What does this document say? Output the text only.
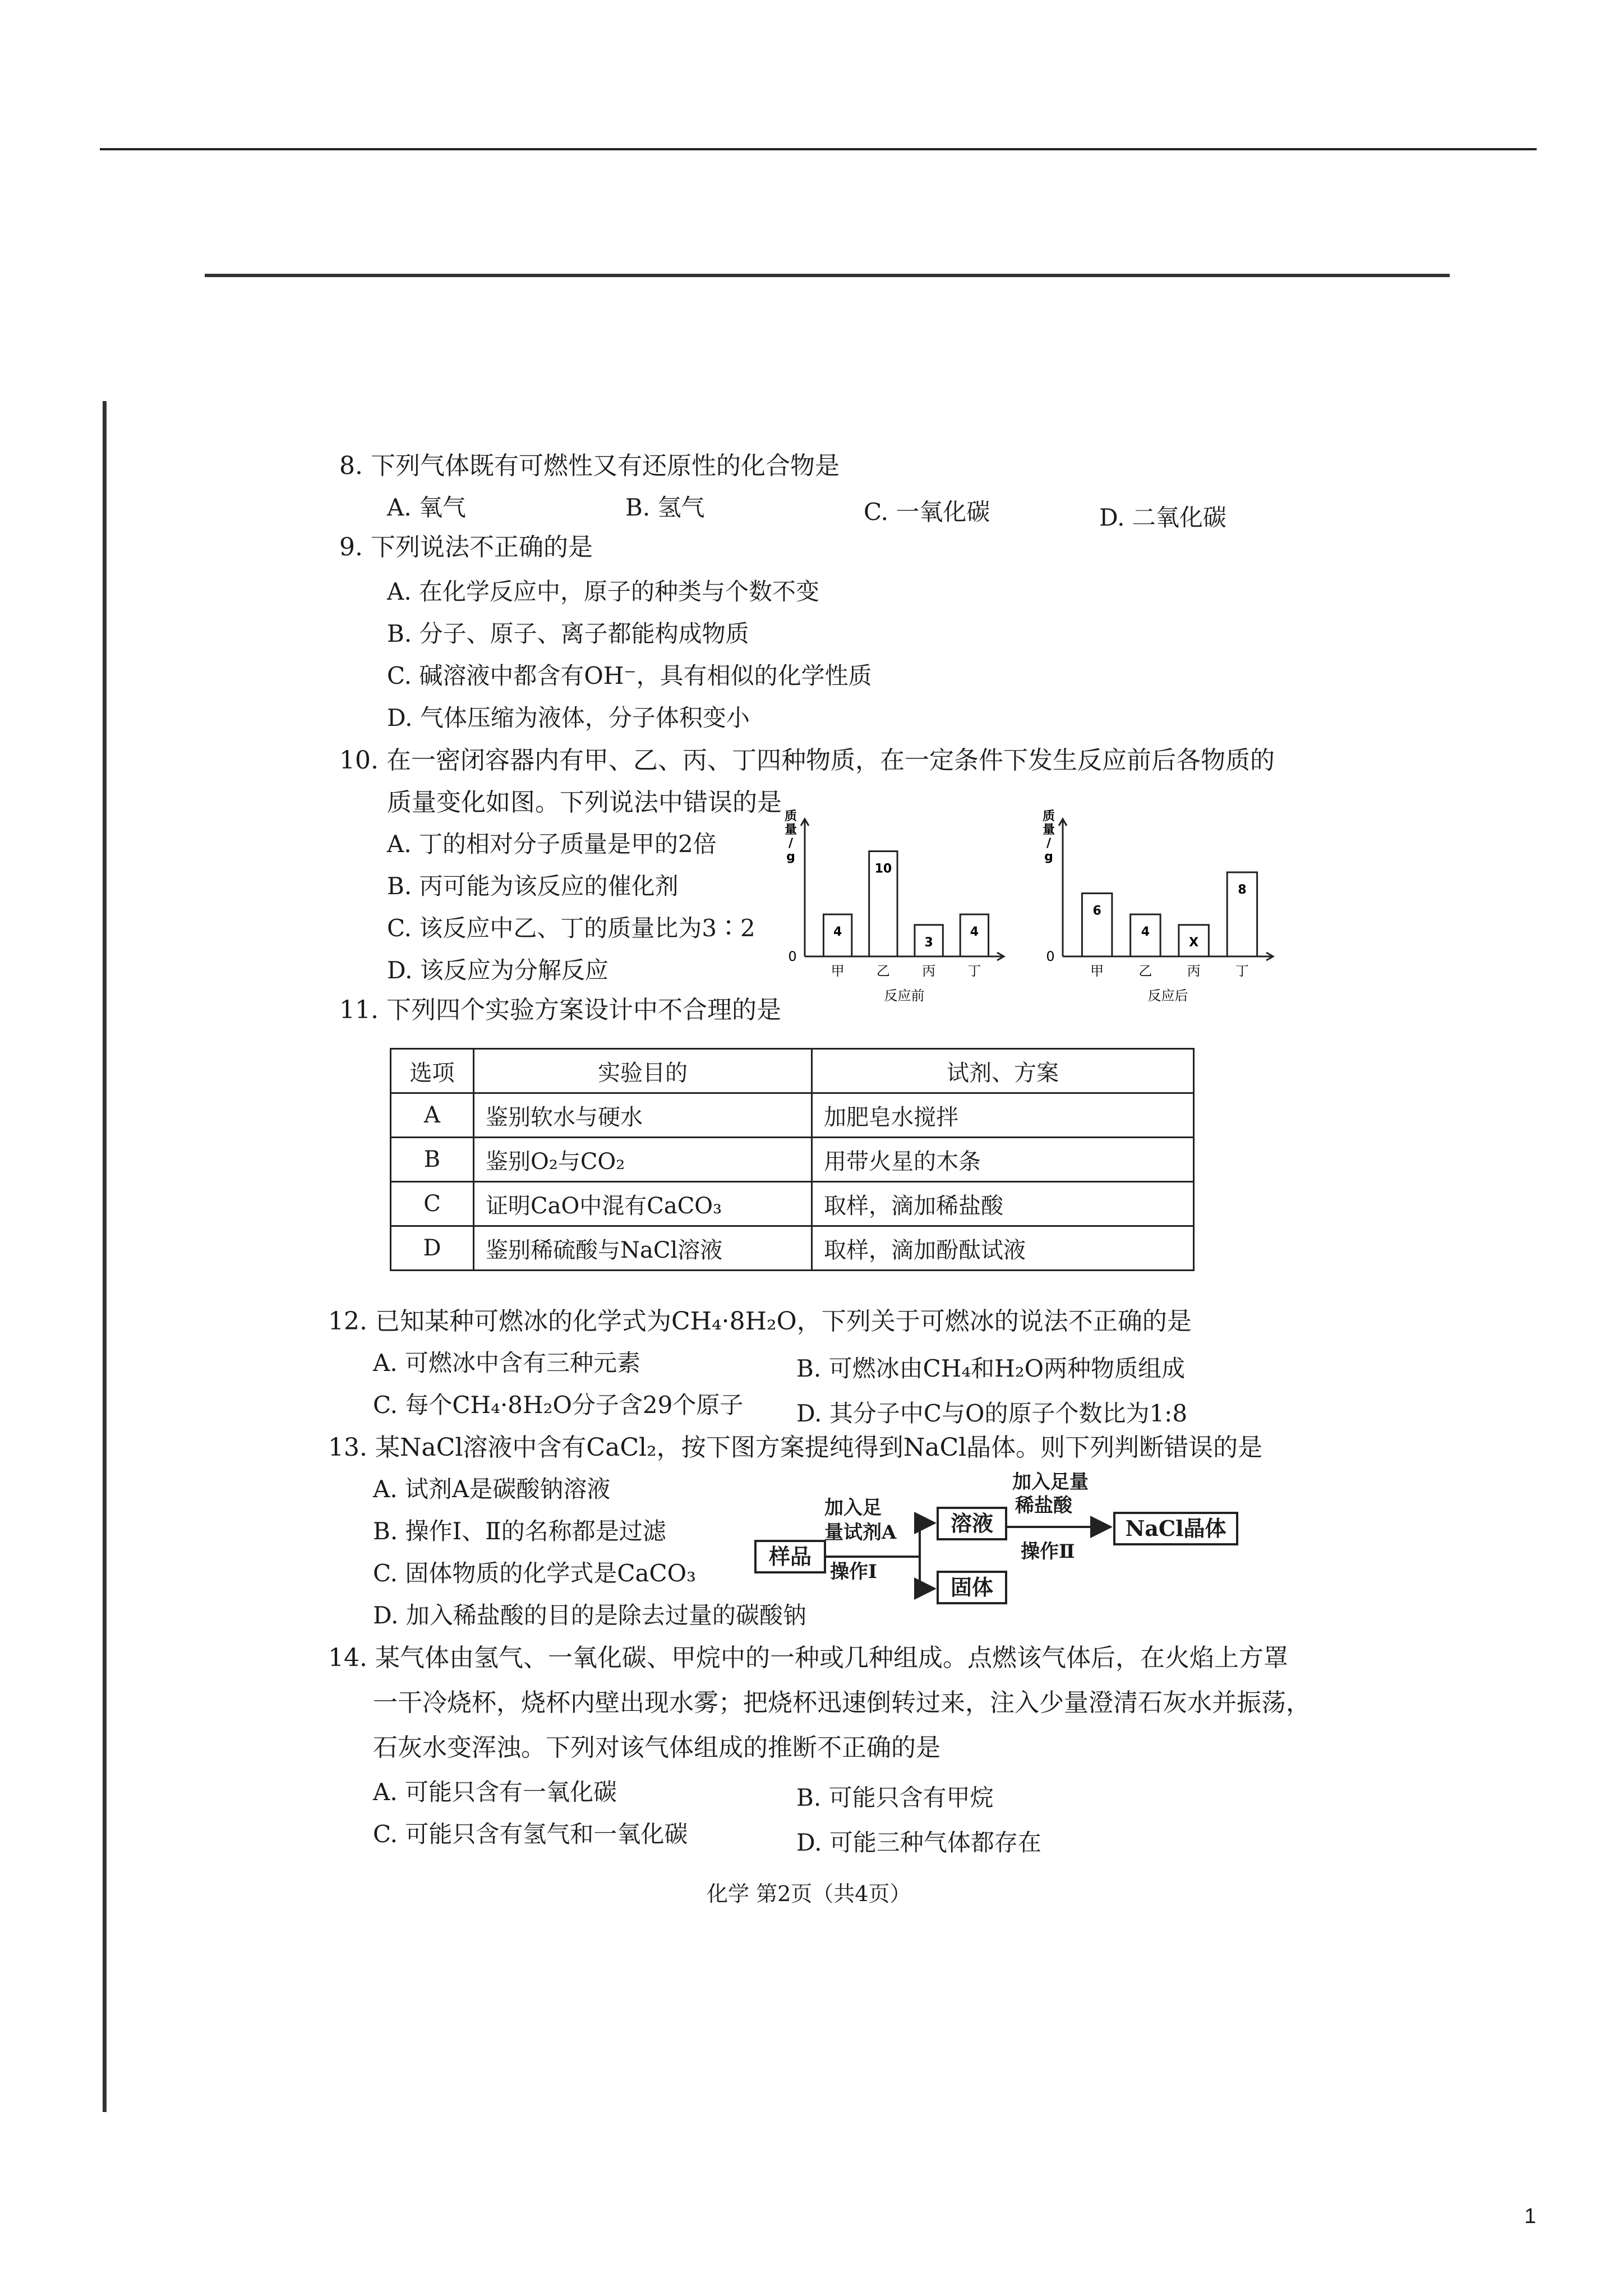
8. 下列气体既有可燃性又有还原性的化合物是
A. 氧气	B. 氢气	C. 一氧化碳	D. 二氧化碳
9. 下列说法不正确的是
A. 在化学反应中，原子的种类与个数不变
B. 分子、原子、离子都能构成物质
C. 碱溶液中都含有OH⁻，具有相似的化学性质
D. 气体压缩为液体，分子体积变小
10. 在一密闭容器内有甲、乙、丙、丁四种物质，在一定条件下发生反应前后各物质的
质量变化如图。下列说法中错误的是
A. 丁的相对分子质量是甲的2倍
B. 丙可能为该反应的催化剂
C. 该反应中乙、丁的质量比为3∶2
D. 该反应为分解反应
质
量
/
g
0
4
甲
10
乙
3
丙
4
丁
反应前
质
量
/
g
0
6
甲
4
乙
X
丙
8
丁
反应后
11. 下列四个实验方案设计中不合理的是
选项	实验目的	试剂、方案
A	鉴别软水与硬水	加肥皂水搅拌
B	鉴别O₂与CO₂	用带火星的木条
C	证明CaO中混有CaCO₃	取样，滴加稀盐酸
D	鉴别稀硫酸与NaCl溶液	取样，滴加酚酞试液
12. 已知某种可燃冰的化学式为CH₄·8H₂O，下列关于可燃冰的说法不正确的是
A. 可燃冰中含有三种元素	B. 可燃冰由CH₄和H₂O两种物质组成
C. 每个CH₄·8H₂O分子含29个原子 D. 其分子中C与O的原子个数比为1:8
13. 某NaCl溶液中含有CaCl₂，按下图方案提纯得到NaCl晶体。则下列判断错误的是
A. 试剂A是碳酸钠溶液
B. 操作Ⅰ、Ⅱ的名称都是过滤
C. 固体物质的化学式是CaCO₃
D. 加入稀盐酸的目的是除去过量的碳酸钠
样品
加入足
量试剂A
操作Ⅰ
溶液
固体
加入足量
稀盐酸
操作Ⅱ
NaCl晶体
14. 某气体由氢气、一氧化碳、甲烷中的一种或几种组成。点燃该气体后，在火焰上方罩
一干冷烧杯，烧杯内壁出现水雾；把烧杯迅速倒转过来，注入少量澄清石灰水并振荡，
石灰水变浑浊。下列对该气体组成的推断不正确的是
A. 可能只含有一氧化碳	B. 可能只含有甲烷
C. 可能只含有氢气和一氧化碳	D. 可能三种气体都存在
化学 第2页（共4页）
1
